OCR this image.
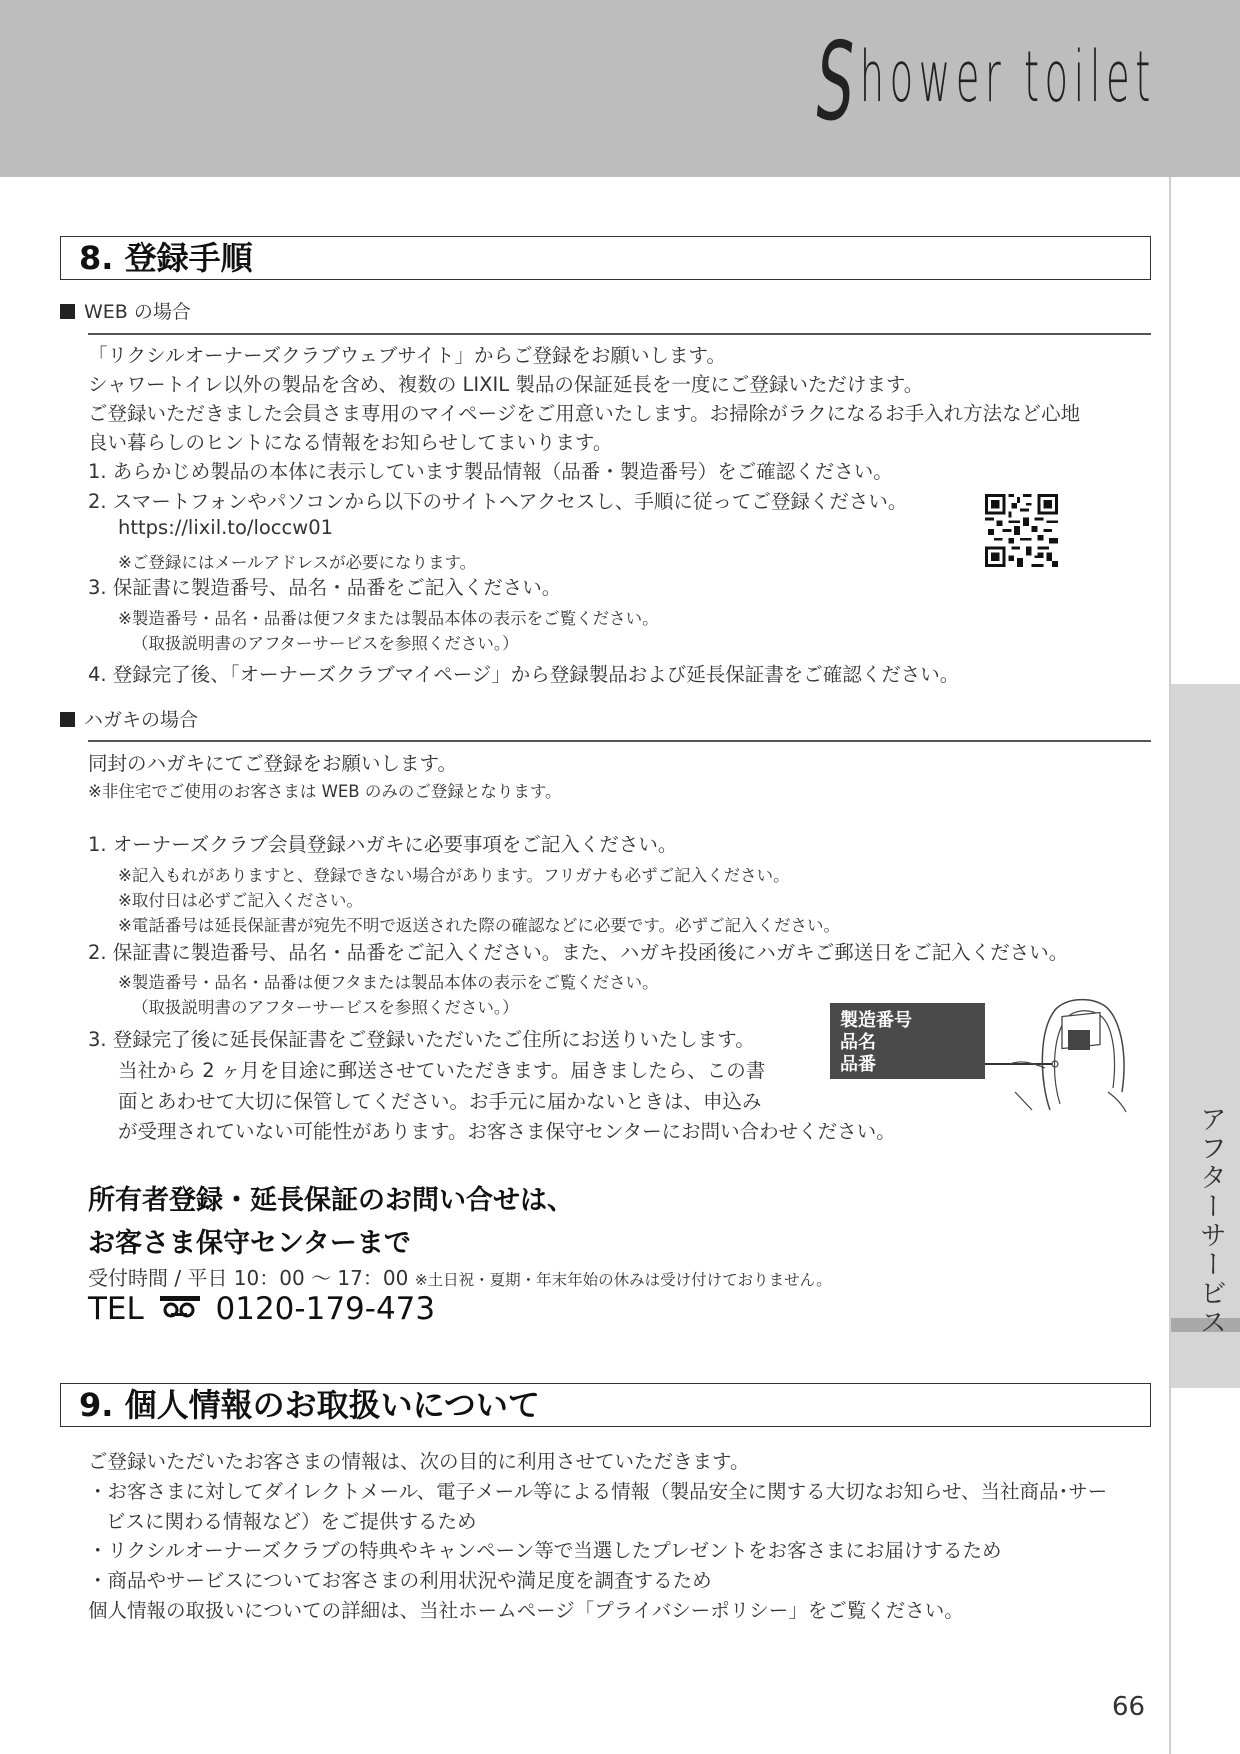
Shower toilet
アフターサービス
8. 登録手順
WEB の場合
「リクシルオーナーズクラブウェブサイト」からご登録をお願いします。
シャワートイレ以外の製品を含め、複数の LIXIL 製品の保証延長を一度にご登録いただけます。
ご登録いただきました会員さま専用のマイページをご用意いたします。お掃除がラクになるお手入れ方法など心地
良い暮らしのヒントになる情報をお知らせしてまいります。
1. あらかじめ製品の本体に表示しています製品情報（品番・製造番号）をご確認ください。
2. スマートフォンやパソコンから以下のサイトへアクセスし、手順に従ってご登録ください。
https://lixil.to/loccw01
※ご登録にはメールアドレスが必要になります。
3. 保証書に製造番号、品名・品番をご記入ください。
※製造番号・品名・品番は便フタまたは製品本体の表示をご覧ください。
（取扱説明書のアフターサービスを参照ください。）
4. 登録完了後、「オーナーズクラブマイページ」から登録製品および延長保証書をご確認ください。
ハガキの場合
同封のハガキにてご登録をお願いします。
※非住宅でご使用のお客さまは WEB のみのご登録となります。
1. オーナーズクラブ会員登録ハガキに必要事項をご記入ください。
※記入もれがありますと、登録できない場合があります。フリガナも必ずご記入ください。
※取付日は必ずご記入ください。
※電話番号は延長保証書が宛先不明で返送された際の確認などに必要です。必ずご記入ください。
2. 保証書に製造番号、品名・品番をご記入ください。また、ハガキ投函後にハガキご郵送日をご記入ください。
※製造番号・品名・品番は便フタまたは製品本体の表示をご覧ください。
（取扱説明書のアフターサービスを参照ください。）
3. 登録完了後に延長保証書をご登録いただいたご住所にお送りいたします。
当社から 2 ヶ月を目途に郵送させていただきます。届きましたら、この書
面とあわせて大切に保管してください。お手元に届かないときは、申込み
が受理されていない可能性があります。お客さま保守センターにお問い合わせください。
製造番号
品名
品番
所有者登録・延長保証のお問い合せは、
お客さま保守センターまで
受付時間 / 平日 10：00 ～ 17：00 ※土日祝・夏期・年末年始の休みは受け付けておりません。
TEL 0120-179-473
9. 個人情報のお取扱いについて
ご登録いただいたお客さまの情報は、次の目的に利用させていただきます。
・お客さまに対してダイレクトメール、電子メール等による情報（製品安全に関する大切なお知らせ、当社商品･サー
ビスに関わる情報など）をご提供するため
・リクシルオーナーズクラブの特典やキャンペーン等で当選したプレゼントをお客さまにお届けするため
・商品やサービスについてお客さまの利用状況や満足度を調査するため
個人情報の取扱いについての詳細は、当社ホームページ「プライバシーポリシー」をご覧ください。
66
